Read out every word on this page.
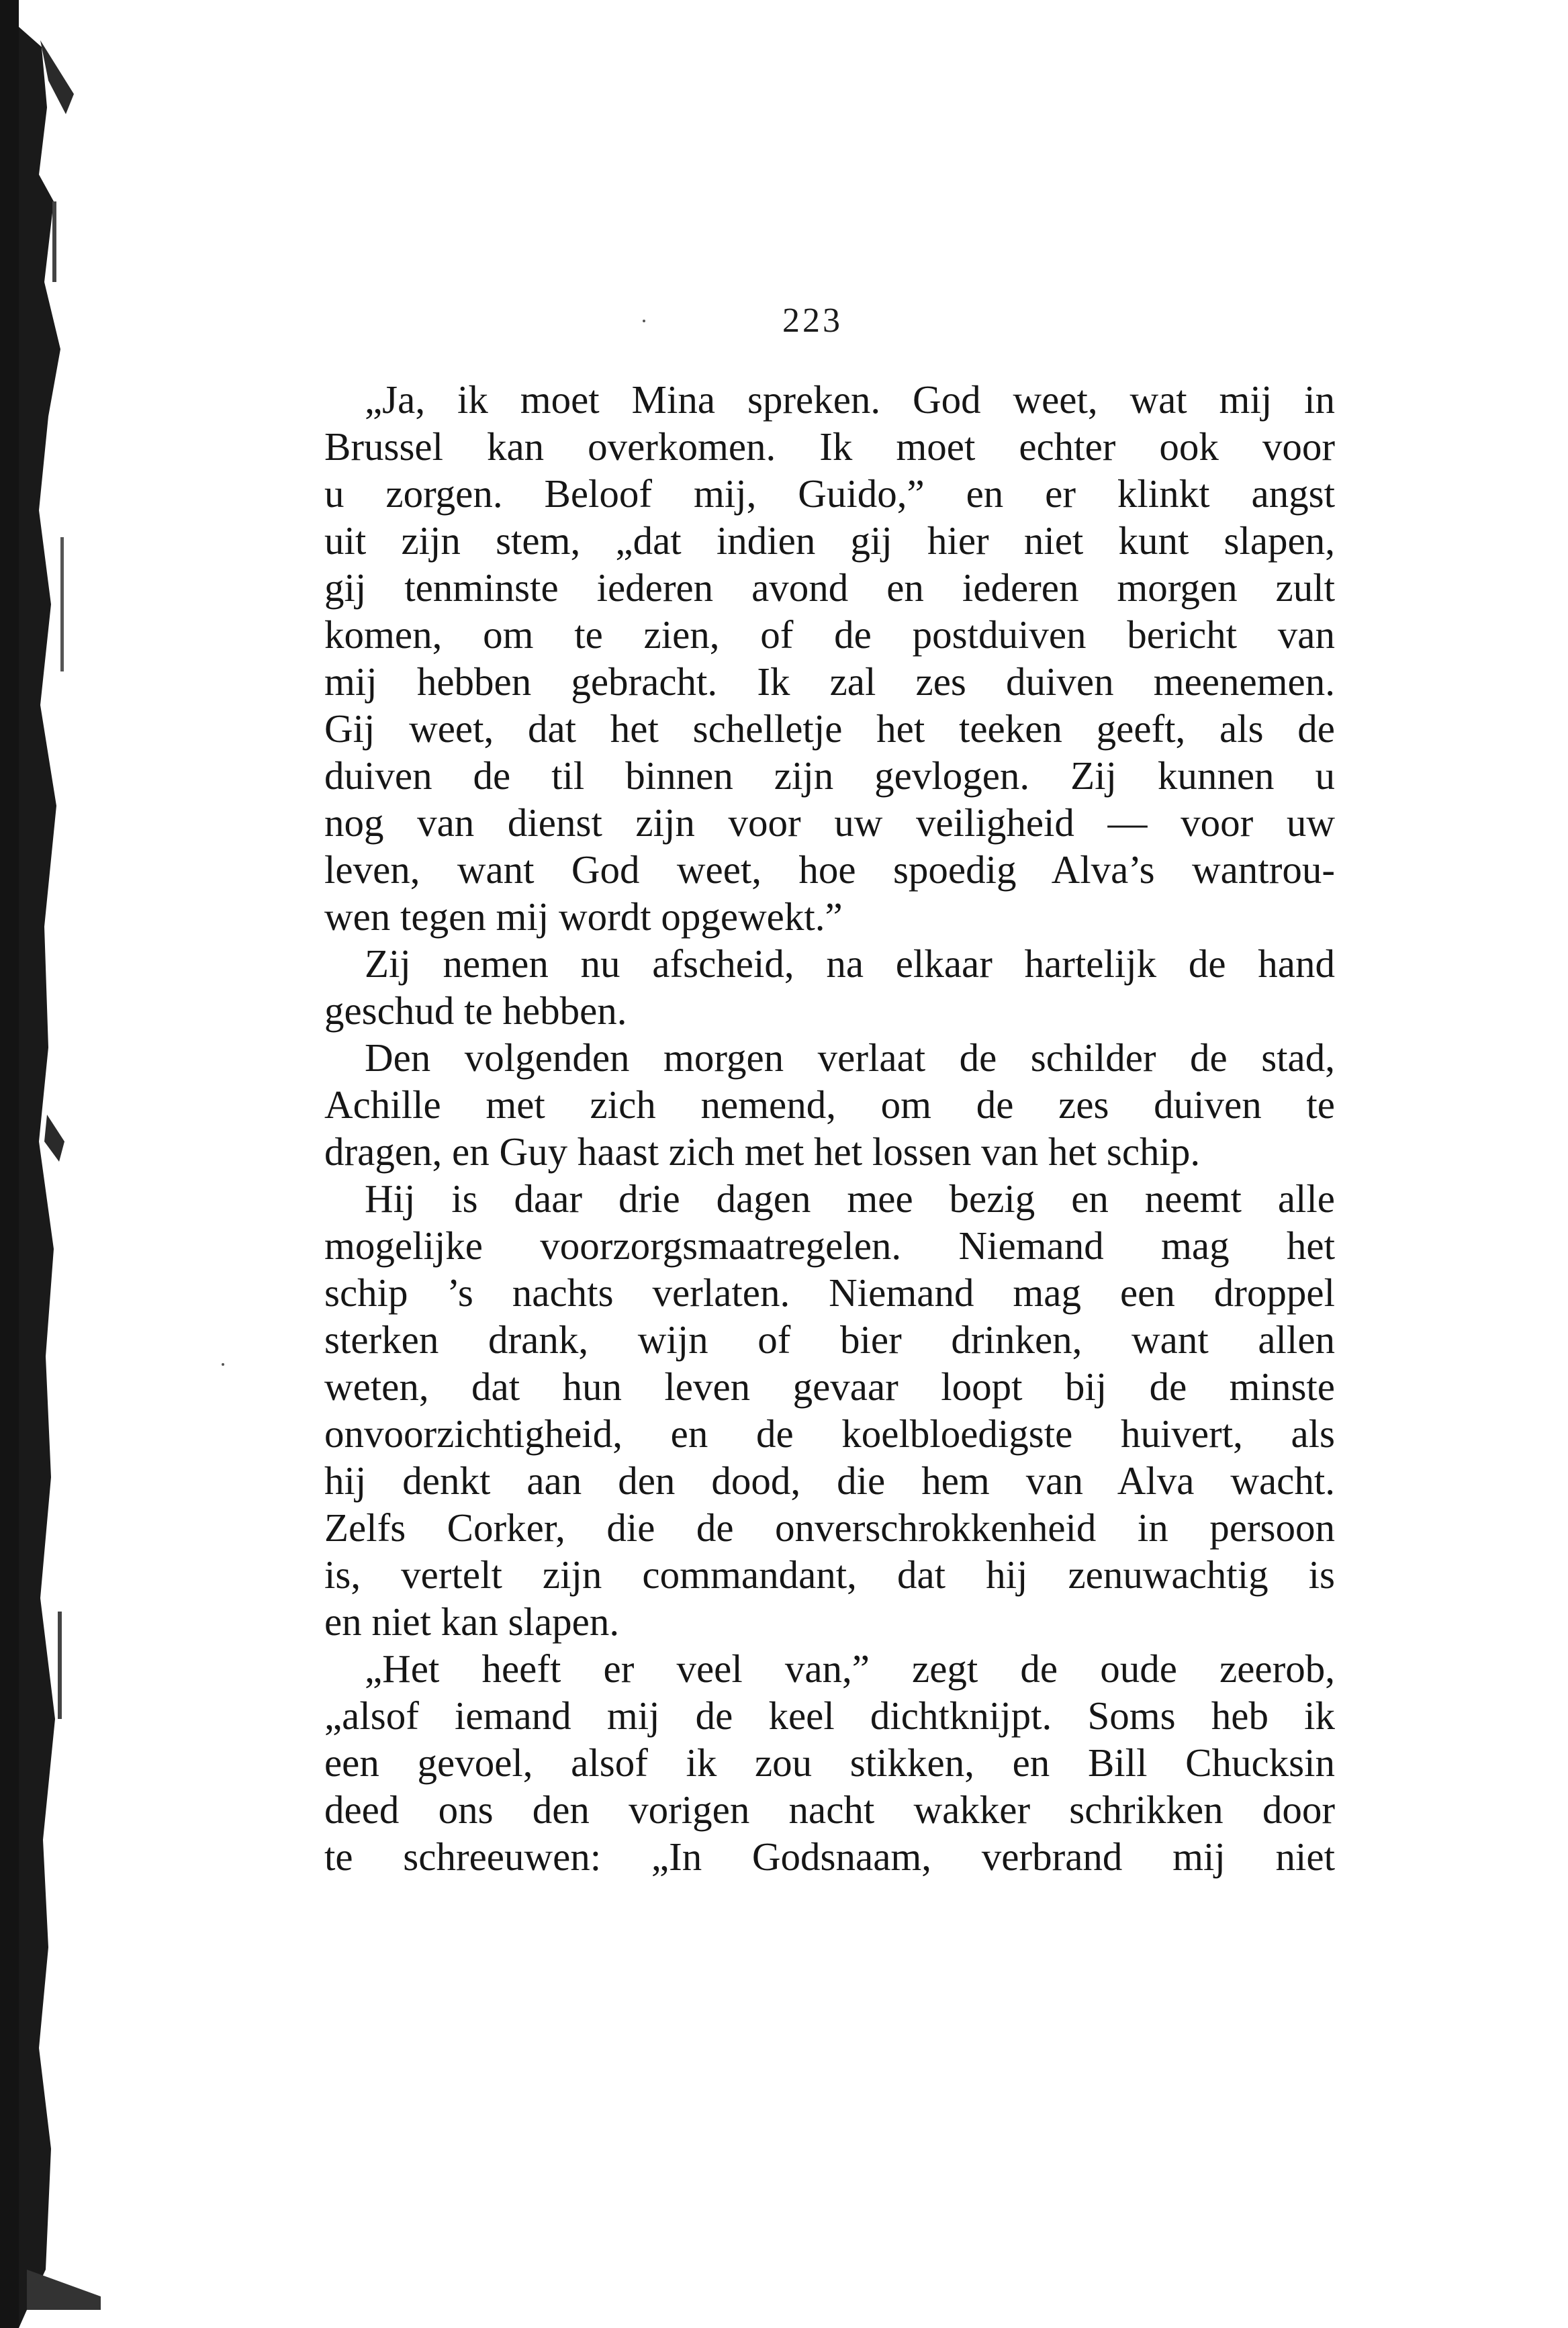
223
„Ja, ik moet Mina spreken. God weet, wat mij in
Brussel kan overkomen. Ik moet echter ook voor
u zorgen. Beloof mij, Guido,” en er klinkt angst
uit zijn stem, „dat indien gij hier niet kunt slapen,
gij tenminste iederen avond en iederen morgen zult
komen, om te zien, of de postduiven bericht van
mij hebben gebracht. Ik zal zes duiven meenemen.
Gij weet, dat het schelletje het teeken geeft, als de
duiven de til binnen zijn gevlogen. Zij kunnen u
nog van dienst zijn voor uw veiligheid — voor uw
leven, want God weet, hoe spoedig Alva’s wantrou-
wen tegen mij wordt opgewekt.”
Zij nemen nu afscheid, na elkaar hartelijk de hand
geschud te hebben.
Den volgenden morgen verlaat de schilder de stad,
Achille met zich nemend, om de zes duiven te
dragen, en Guy haast zich met het lossen van het schip.
Hij is daar drie dagen mee bezig en neemt alle
mogelijke voorzorgsmaatregelen. Niemand mag het
schip ’s nachts verlaten. Niemand mag een droppel
sterken drank, wijn of bier drinken, want allen
weten, dat hun leven gevaar loopt bij de minste
onvoorzichtigheid, en de koelbloedigste huivert, als
hij denkt aan den dood, die hem van Alva wacht.
Zelfs Corker, die de onverschrokkenheid in persoon
is, vertelt zijn commandant, dat hij zenuwachtig is
en niet kan slapen.
„Het heeft er veel van,” zegt de oude zeerob,
„alsof iemand mij de keel dichtknijpt. Soms heb ik
een gevoel, alsof ik zou stikken, en Bill Chucksin
deed ons den vorigen nacht wakker schrikken door
te schreeuwen: „In Godsnaam, verbrand mij niet
